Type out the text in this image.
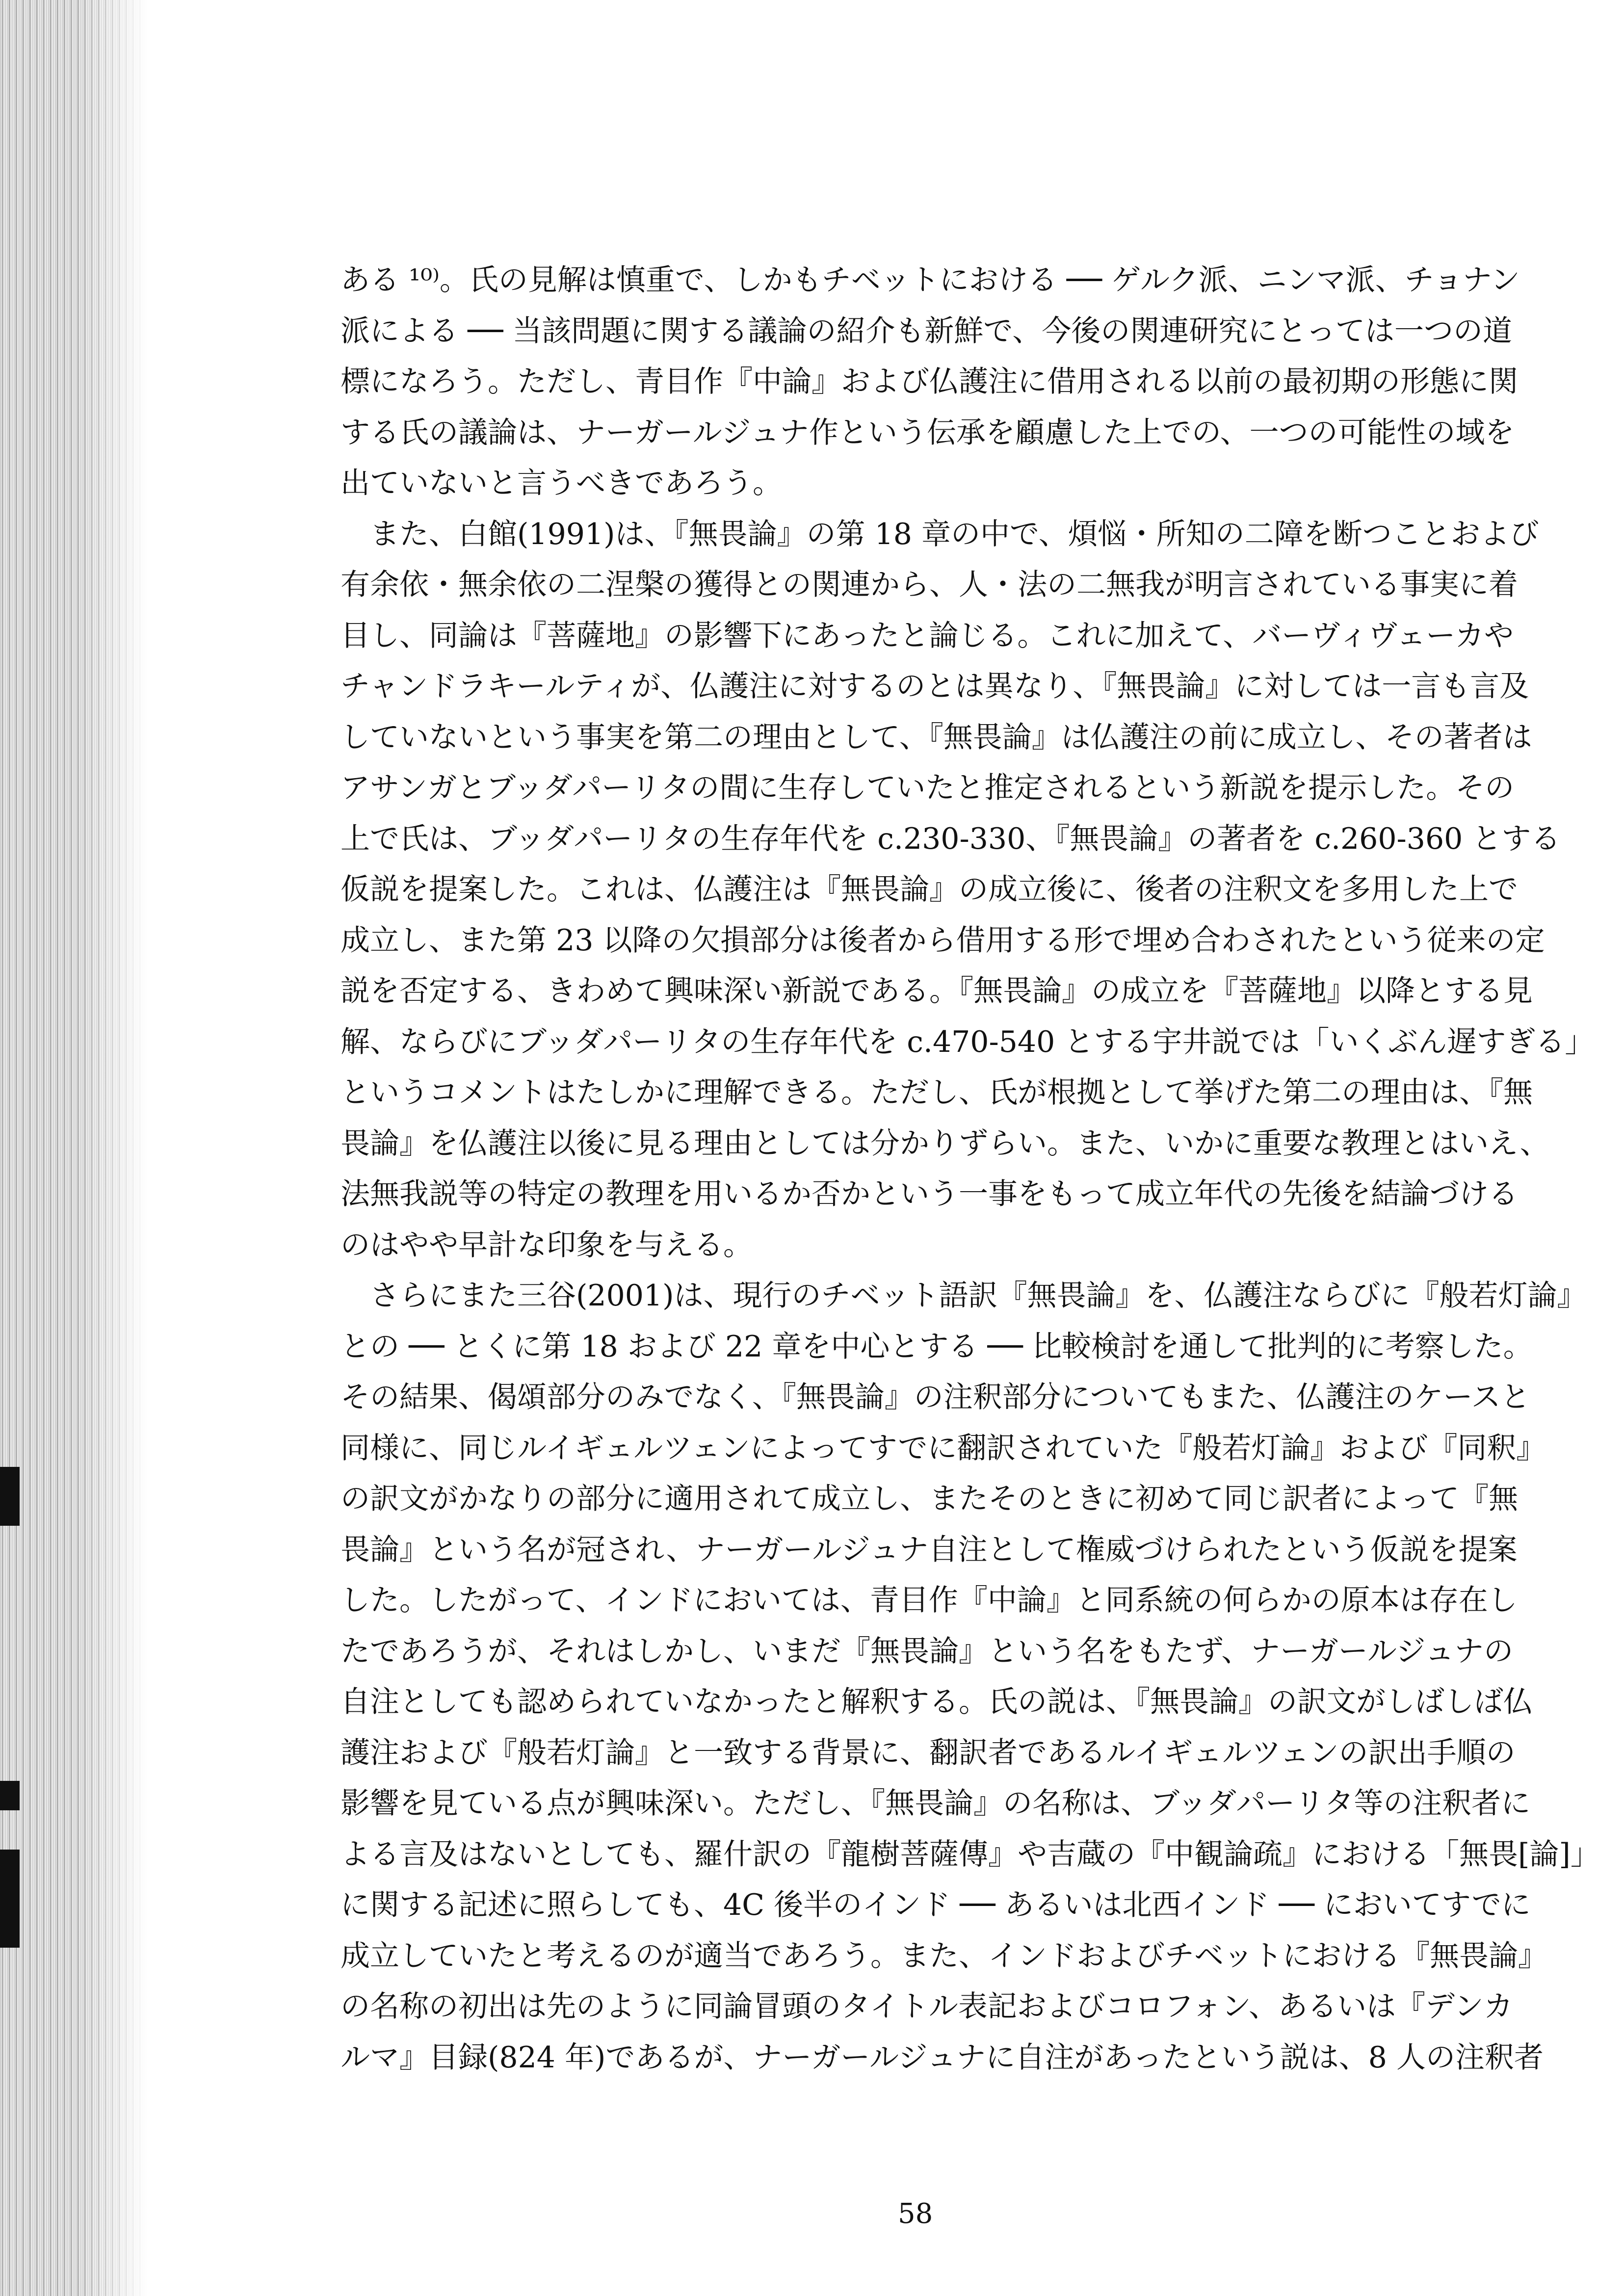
ある ¹⁰⁾。氏の見解は慎重で、しかもチベットにおける ── ゲルク派、ニンマ派、チョナン
派による ── 当該問題に関する議論の紹介も新鮮で、今後の関連研究にとっては一つの道
標になろう。ただし、青目作『中論』および仏護注に借用される以前の最初期の形態に関
する氏の議論は、ナーガールジュナ作という伝承を顧慮した上での、一つの可能性の域を
出ていないと言うべきであろう。
また、白館(1991)は、『無畏論』の第 18 章の中で、煩悩・所知の二障を断つことおよび
有余依・無余依の二涅槃の獲得との関連から、人・法の二無我が明言されている事実に着
目し、同論は『菩薩地』の影響下にあったと論じる。これに加えて、バーヴィヴェーカや
チャンドラキールティが、仏護注に対するのとは異なり、『無畏論』に対しては一言も言及
していないという事実を第二の理由として、『無畏論』は仏護注の前に成立し、その著者は
アサンガとブッダパーリタの間に生存していたと推定されるという新説を提示した。その
上で氏は、ブッダパーリタの生存年代を c.230-330、『無畏論』の著者を c.260-360 とする
仮説を提案した。これは、仏護注は『無畏論』の成立後に、後者の注釈文を多用した上で
成立し、また第 23 以降の欠損部分は後者から借用する形で埋め合わされたという従来の定
説を否定する、きわめて興味深い新説である。『無畏論』の成立を『菩薩地』以降とする見
解、ならびにブッダパーリタの生存年代を c.470-540 とする宇井説では「いくぶん遅すぎる」
というコメントはたしかに理解できる。ただし、氏が根拠として挙げた第二の理由は、『無
畏論』を仏護注以後に見る理由としては分かりずらい。また、いかに重要な教理とはいえ、
法無我説等の特定の教理を用いるか否かという一事をもって成立年代の先後を結論づける
のはやや早計な印象を与える。
さらにまた三谷(2001)は、現行のチベット語訳『無畏論』を、仏護注ならびに『般若灯論』
との ── とくに第 18 および 22 章を中心とする ── 比較検討を通して批判的に考察した。
その結果、偈頌部分のみでなく、『無畏論』の注釈部分についてもまた、仏護注のケースと
同様に、同じルイギェルツェンによってすでに翻訳されていた『般若灯論』および『同釈』
の訳文がかなりの部分に適用されて成立し、またそのときに初めて同じ訳者によって『無
畏論』という名が冠され、ナーガールジュナ自注として権威づけられたという仮説を提案
した。したがって、インドにおいては、青目作『中論』と同系統の何らかの原本は存在し
たであろうが、それはしかし、いまだ『無畏論』という名をもたず、ナーガールジュナの
自注としても認められていなかったと解釈する。氏の説は、『無畏論』の訳文がしばしば仏
護注および『般若灯論』と一致する背景に、翻訳者であるルイギェルツェンの訳出手順の
影響を見ている点が興味深い。ただし、『無畏論』の名称は、ブッダパーリタ等の注釈者に
よる言及はないとしても、羅什訳の『龍樹菩薩傳』や吉蔵の『中観論疏』における「無畏[論]」
に関する記述に照らしても、4C 後半のインド ── あるいは北西インド ── においてすでに
成立していたと考えるのが適当であろう。また、インドおよびチベットにおける『無畏論』
の名称の初出は先のように同論冒頭のタイトル表記およびコロフォン、あるいは『デンカ
ルマ』目録(824 年)であるが、ナーガールジュナに自注があったという説は、8 人の注釈者
58
